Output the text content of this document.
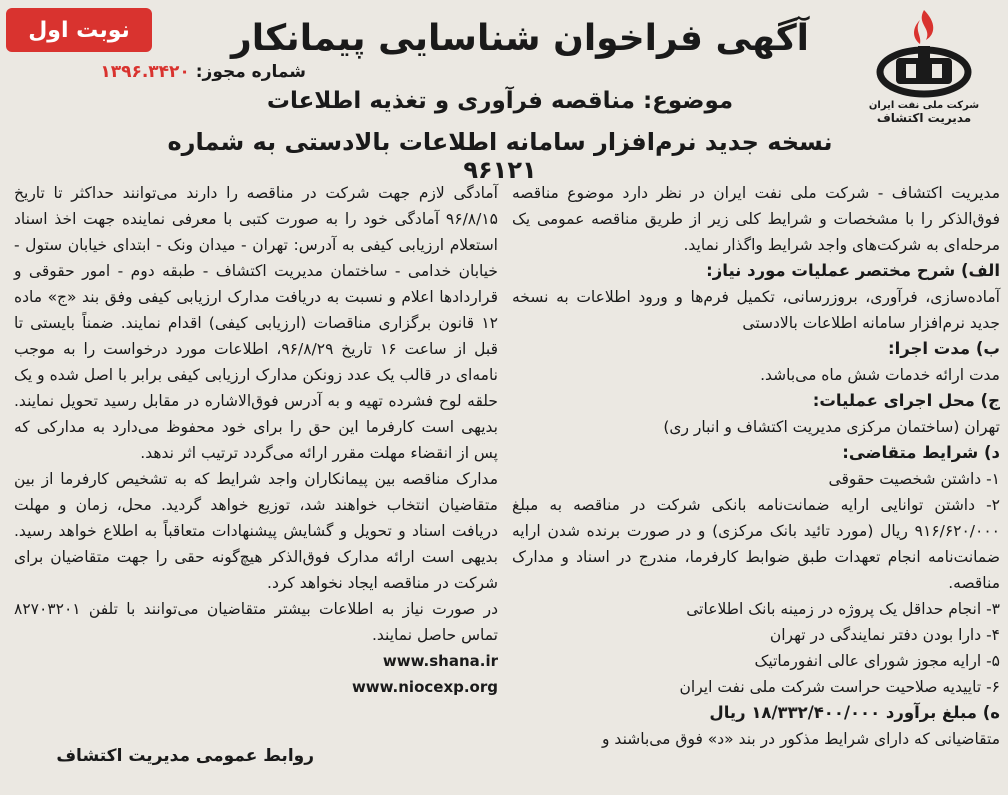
نوبت اول
شماره مجوز: ۱۳۹۶.۳۴۲۰
شرکت ملی نفت ایران
مدیریت اکتشاف
آگهی فراخوان شناسایی پیمانکار
موضوع: مناقصه فرآوری و تغذیه اطلاعات
نسخه جدید نرم‌افزار سامانه اطلاعات بالادستی به شماره ۹۶۱۲۱

مدیریت اکتشاف - شرکت ملی نفت ایران در نظر دارد موضوع مناقصه فوق‌الذکر را با مشخصات و شرایط کلی زیر از طریق مناقصه عمومی یک مرحله‌ای به شرکت‌های واجد شرایط واگذار نماید.

الف) شرح مختصر عملیات مورد نیاز:

آماده‌سازی، فرآوری، بروزرسانی، تکمیل فرم‌ها و ورود اطلاعات به نسخه جدید نرم‌افزار سامانه اطلاعات بالادستی

ب) مدت اجرا:

مدت ارائه خدمات شش ماه می‌باشد.

ج) محل اجرای عملیات:

تهران (ساختمان مرکزی مدیریت اکتشاف و انبار ری)

د) شرایط متقاضی:

۱- داشتن شخصیت حقوقی

۲- داشتن توانایی ارایه ضمانت‌نامه بانکی شرکت در مناقصه به مبلغ ۹۱۶/۶۲۰/۰۰۰ ریال (مورد تائید بانک مرکزی) و در صورت برنده شدن ارایه ضمانت‌نامه انجام تعهدات طبق ضوابط کارفرما، مندرج در اسناد و مدارک مناقصه.

۳- انجام حداقل یک پروژه در زمینه بانک اطلاعاتی

۴- دارا بودن دفتر نمایندگی در تهران

۵- ارایه مجوز شورای عالی انفورماتیک

۶- تاییدیه صلاحیت حراست شرکت ملی نفت ایران

ه) مبلغ برآورد ۱۸/۳۳۲/۴۰۰/۰۰۰ ریال

متقاضیانی که دارای شرایط مذکور در بند «د» فوق می‌باشند و

آمادگی لازم جهت شرکت در مناقصه را دارند می‌توانند حداکثر تا تاریخ ۹۶/۸/۱۵ آمادگی خود را به صورت کتبی با معرفی نماینده جهت اخذ اسناد استعلام ارزیابی کیفی به آدرس: تهران - میدان ونک - ابتدای خیابان ستول - خیابان خدامی - ساختمان مدیریت اکتشاف - طبقه دوم - امور حقوقی و قراردادها اعلام و نسبت به دریافت مدارک ارزیابی کیفی وفق بند «ج» ماده ۱۲ قانون برگزاری مناقصات (ارزیابی کیفی) اقدام نمایند. ضمناً بایستی تا قبل از ساعت ۱۶ تاریخ ۹۶/۸/۲۹، اطلاعات مورد درخواست را به موجب نامه‌ای در قالب یک عدد زونکن مدارک ارزیابی کیفی برابر با اصل شده و یک حلقه لوح فشرده تهیه و به آدرس فوق‌الاشاره در مقابل رسید تحویل نمایند. بدیهی است کارفرما این حق را برای خود محفوظ می‌دارد به مدارکی که پس از انقضاء مهلت مقرر ارائه می‌گردد ترتیب اثر ندهد.

مدارک مناقصه بین پیمانکاران واجد شرایط که به تشخیص کارفرما از بین متقاضیان انتخاب خواهند شد، توزیع خواهد گردید. محل، زمان و مهلت دریافت اسناد و تحویل و گشایش پیشنهادات متعاقباً به اطلاع خواهد رسید. بدیهی است ارائه مدارک فوق‌الذکر هیچ‌گونه حقی را جهت متقاضیان برای شرکت در مناقصه ایجاد نخواهد کرد.

در صورت نیاز به اطلاعات بیشتر متقاضیان می‌توانند با تلفن ۸۲۷۰۳۲۰۱ تماس حاصل نمایند.

www.shana.ir

www.niocexp.org

روابط عمومی مدیریت اکتشاف
